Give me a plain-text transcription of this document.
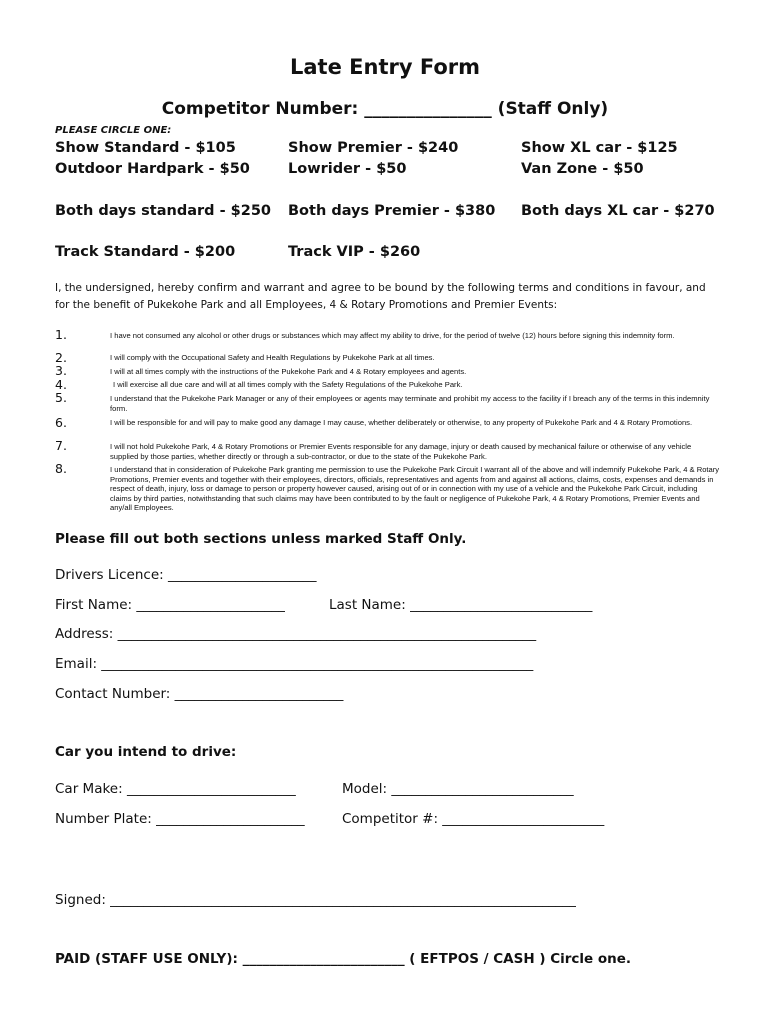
Late Entry Form
Competitor Number: _______________ (Staff Only)
PLEASE CIRCLE ONE:
Show Standard - $105	Show Premier - $240	Show XL car - $125
Outdoor Hardpark - $50	Lowrider - $50	Van Zone - $50
Both days standard - $250 Both days Premier - $380 Both days XL car - $270
Track Standard - $200	Track VIP - $260
I, the undersigned, hereby confirm and warrant and agree to be bound by the following terms and conditions in favour, and
for the benefit of Pukekohe Park and all Employees, 4 & Rotary Promotions and Premier Events:
1.	I have not consumed any alcohol or other drugs or substances which may affect my ability to drive, for the period of twelve (12) hours before signing this indemnity form.
2.	I will comply with the Occupational Safety and Health Regulations by Pukekohe Park at all times.
3.	I will at all times comply with the instructions of the Pukekohe Park and 4 & Rotary employees and agents.
4.	I will exercise all due care and will at all times comply with the Safety Regulations of the Pukekohe Park.
5.	I understand that the Pukekohe Park Manager or any of their employees or agents may terminate and prohibit my access to the facility if I breach any of the terms in this indemnity form.
6.	I will be responsible for and will pay to make good any damage I may cause, whether deliberately or otherwise, to any property of Pukekohe Park and 4 & Rotary Promotions.
7.	I will not hold Pukekohe Park, 4 & Rotary Promotions or Premier Events responsible for any damage, injury or death caused by mechanical failure or otherwise of any vehicle supplied by those parties, whether directly or through a sub-contractor, or due to the state of the Pukekohe Park.
8.	I understand that in consideration of Pukekohe Park granting me permission to use the Pukekohe Park Circuit I warrant all of the above and will indemnify Pukekohe Park, 4 & Rotary Promotions, Premier events and together with their employees, directors, officials, representatives and agents from and against all actions, claims, costs, expenses and demands in respect of death, injury, loss or damage to person or property however caused, arising out of or in connection with my use of a vehicle and the Pukekohe Park Circuit, including claims by third parties, notwithstanding that such claims may have been contributed to by the fault or negligence of Pukekohe Park, 4 & Rotary Promotions, Premier Events and any/all Employees.
Please fill out both sections unless marked Staff Only.
Drivers Licence: ______________________
First Name: ______________________	Last Name: ___________________________
Address: ______________________________________________________________
Email: ________________________________________________________________
Contact Number: _________________________
Car you intend to drive:
Car Make: _________________________	Model: ___________________________
Number Plate: ______________________	Competitor #: ________________________
Signed: _____________________________________________________________________
PAID (STAFF USE ONLY): ________________________ ( EFTPOS / CASH ) Circle one.
